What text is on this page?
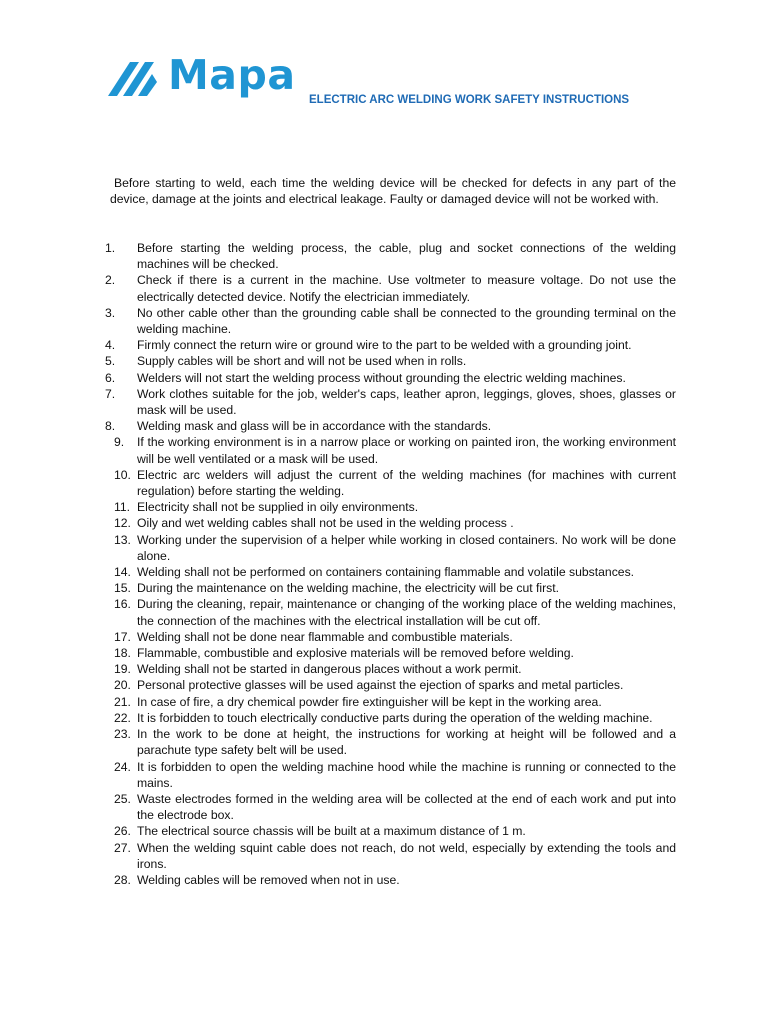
Mapa
ELECTRIC ARC WELDING WORK SAFETY INSTRUCTIONS

Before starting to weld, each time the welding device will be checked for defects in any part of the device, damage at the joints and electrical leakage. Faulty or damaged device will not be worked with.

1.	Before starting the welding process, the cable, plug and socket connections of the welding machines will be checked.
2.	Check if there is a current in the machine. Use voltmeter to measure voltage. Do not use the electrically detected device. Notify the electrician immediately.
3.	No other cable other than the grounding cable shall be connected to the grounding terminal on the welding machine.
4.	Firmly connect the return wire or ground wire to the part to be welded with a grounding joint.
5.	Supply cables will be short and will not be used when in rolls.
6.	Welders will not start the welding process without grounding the electric welding machines.
7.	Work clothes suitable for the job, welder's caps, leather apron, leggings, gloves, shoes, glasses or mask will be used.
8.	Welding mask and glass will be in accordance with the standards.
9.	If the working environment is in a narrow place or working on painted iron, the working environment will be well ventilated or a mask will be used.
10. Electric arc welders will adjust the current of the welding machines (for machines with current regulation) before starting the welding.
11. Electricity shall not be supplied in oily environments.
12. Oily and wet welding cables shall not be used in the welding process .
13. Working under the supervision of a helper while working in closed containers. No work will be done alone.
14. Welding shall not be performed on containers containing flammable and volatile substances.
15. During the maintenance on the welding machine, the electricity will be cut first.
16. During the cleaning, repair, maintenance or changing of the working place of the welding machines, the connection of the machines with the electrical installation will be cut off.
17. Welding shall not be done near flammable and combustible materials.
18. Flammable, combustible and explosive materials will be removed before welding.
19. Welding shall not be started in dangerous places without a work permit.
20. Personal protective glasses will be used against the ejection of sparks and metal particles.
21. In case of fire, a dry chemical powder fire extinguisher will be kept in the working area.
22. It is forbidden to touch electrically conductive parts during the operation of the welding machine.
23. In the work to be done at height, the instructions for working at height will be followed and a parachute type safety belt will be used.
24. It is forbidden to open the welding machine hood while the machine is running or connected to the mains.
25. Waste electrodes formed in the welding area will be collected at the end of each work and put into the electrode box.
26. The electrical source chassis will be built at a maximum distance of 1 m.
27. When the welding squint cable does not reach, do not weld, especially by extending the tools and irons.
28. Welding cables will be removed when not in use.
